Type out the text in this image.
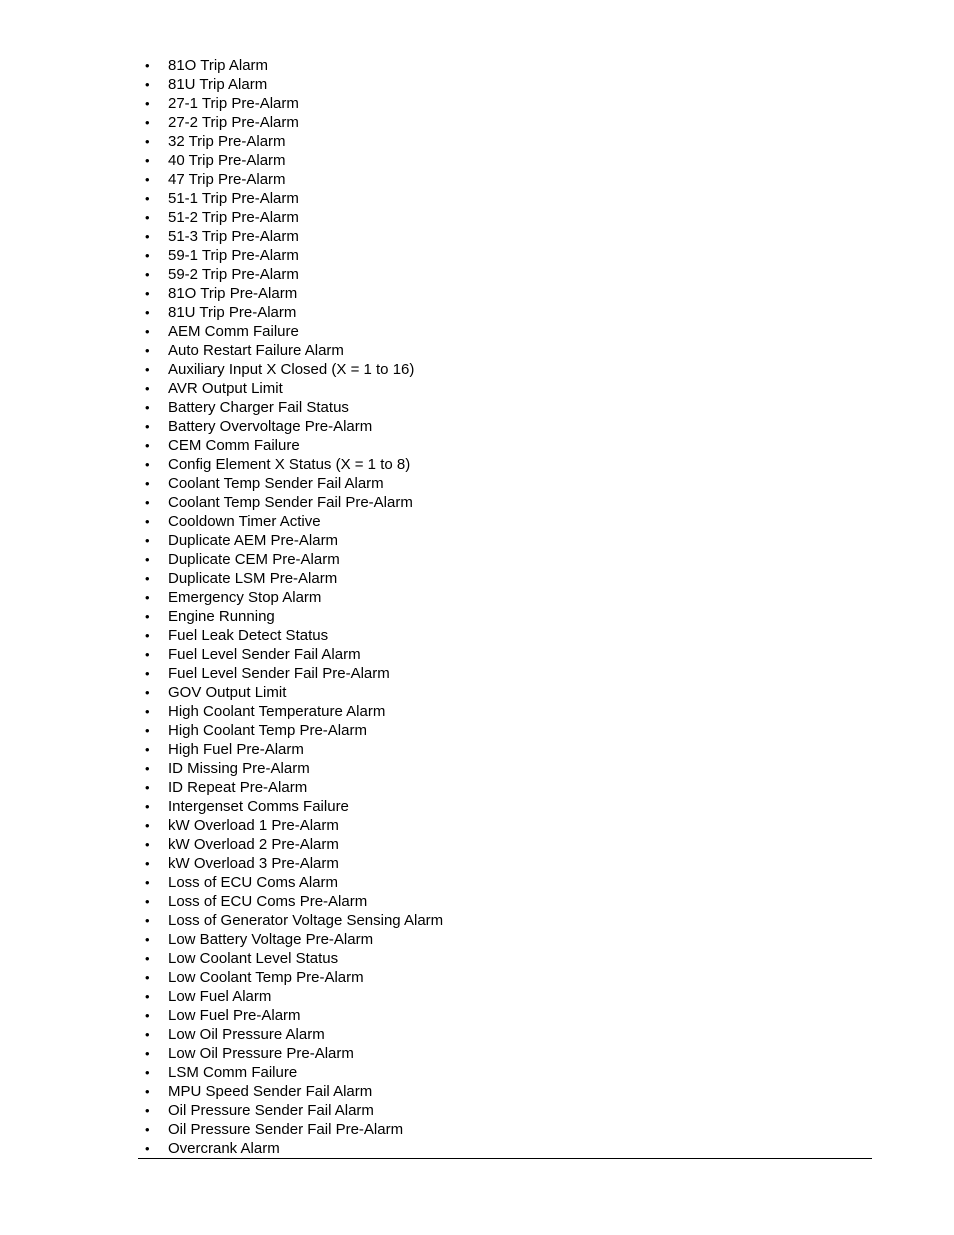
•	81O Trip Alarm
•	81U Trip Alarm
•	27-1 Trip Pre-Alarm
•	27-2 Trip Pre-Alarm
•	32 Trip Pre-Alarm
•	40 Trip Pre-Alarm
•	47 Trip Pre-Alarm
•	51-1 Trip Pre-Alarm
•	51-2 Trip Pre-Alarm
•	51-3 Trip Pre-Alarm
•	59-1 Trip Pre-Alarm
•	59-2 Trip Pre-Alarm
•	81O Trip Pre-Alarm
•	81U Trip Pre-Alarm
•	AEM Comm Failure
•	Auto Restart Failure Alarm
•	Auxiliary Input X Closed (X = 1 to 16)
•	AVR Output Limit
•	Battery Charger Fail Status
•	Battery Overvoltage Pre-Alarm
•	CEM Comm Failure
•	Config Element X Status (X = 1 to 8)
•	Coolant Temp Sender Fail Alarm
•	Coolant Temp Sender Fail Pre-Alarm
•	Cooldown Timer Active
•	Duplicate AEM Pre-Alarm
•	Duplicate CEM Pre-Alarm
•	Duplicate LSM Pre-Alarm
•	Emergency Stop Alarm
•	Engine Running
•	Fuel Leak Detect Status
•	Fuel Level Sender Fail Alarm
•	Fuel Level Sender Fail Pre-Alarm
•	GOV Output Limit
•	High Coolant Temperature Alarm
•	High Coolant Temp Pre-Alarm
•	High Fuel Pre-Alarm
•	ID Missing Pre-Alarm
•	ID Repeat Pre-Alarm
•	Intergenset Comms Failure
•	kW Overload 1 Pre-Alarm
•	kW Overload 2 Pre-Alarm
•	kW Overload 3 Pre-Alarm
•	Loss of ECU Coms Alarm
•	Loss of ECU Coms Pre-Alarm
•	Loss of Generator Voltage Sensing Alarm
•	Low Battery Voltage Pre-Alarm
•	Low Coolant Level Status
•	Low Coolant Temp Pre-Alarm
•	Low Fuel Alarm
•	Low Fuel Pre-Alarm
•	Low Oil Pressure Alarm
•	Low Oil Pressure Pre-Alarm
•	LSM Comm Failure
•	MPU Speed Sender Fail Alarm
•	Oil Pressure Sender Fail Alarm
•	Oil Pressure Sender Fail Pre-Alarm
•	Overcrank Alarm
